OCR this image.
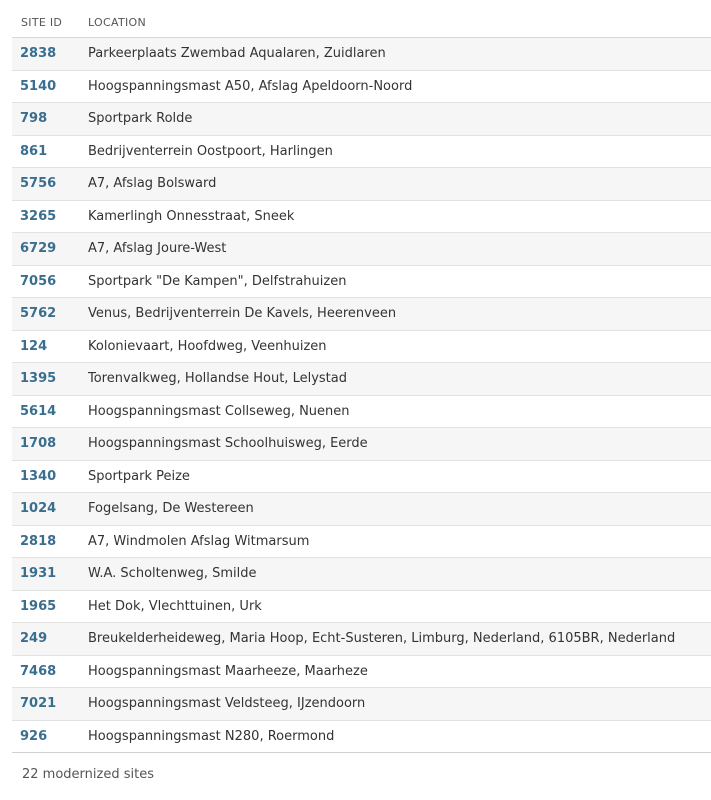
SITE ID	LOCATION
2838	Parkeerplaats Zwembad Aqualaren, Zuidlaren
5140	Hoogspanningsmast A50, Afslag Apeldoorn-Noord
798	Sportpark Rolde
861	Bedrijventerrein Oostpoort, Harlingen
5756	A7, Afslag Bolsward
3265	Kamerlingh Onnesstraat, Sneek
6729	A7, Afslag Joure-West
7056	Sportpark "De Kampen", Delfstrahuizen
5762	Venus, Bedrijventerrein De Kavels, Heerenveen
124	Kolonievaart, Hoofdweg, Veenhuizen
1395	Torenvalkweg, Hollandse Hout, Lelystad
5614	Hoogspanningsmast Collseweg, Nuenen
1708	Hoogspanningsmast Schoolhuisweg, Eerde
1340	Sportpark Peize
1024	Fogelsang, De Westereen
2818	A7, Windmolen Afslag Witmarsum
1931	W.A. Scholtenweg, Smilde
1965	Het Dok, Vlechttuinen, Urk
249	Breukelderheideweg, Maria Hoop, Echt-Susteren, Limburg, Nederland, 6105BR, Nederland
7468	Hoogspanningsmast Maarheeze, Maarheze
7021	Hoogspanningsmast Veldsteeg, IJzendoorn
926	Hoogspanningsmast N280, Roermond
22 modernized sites
